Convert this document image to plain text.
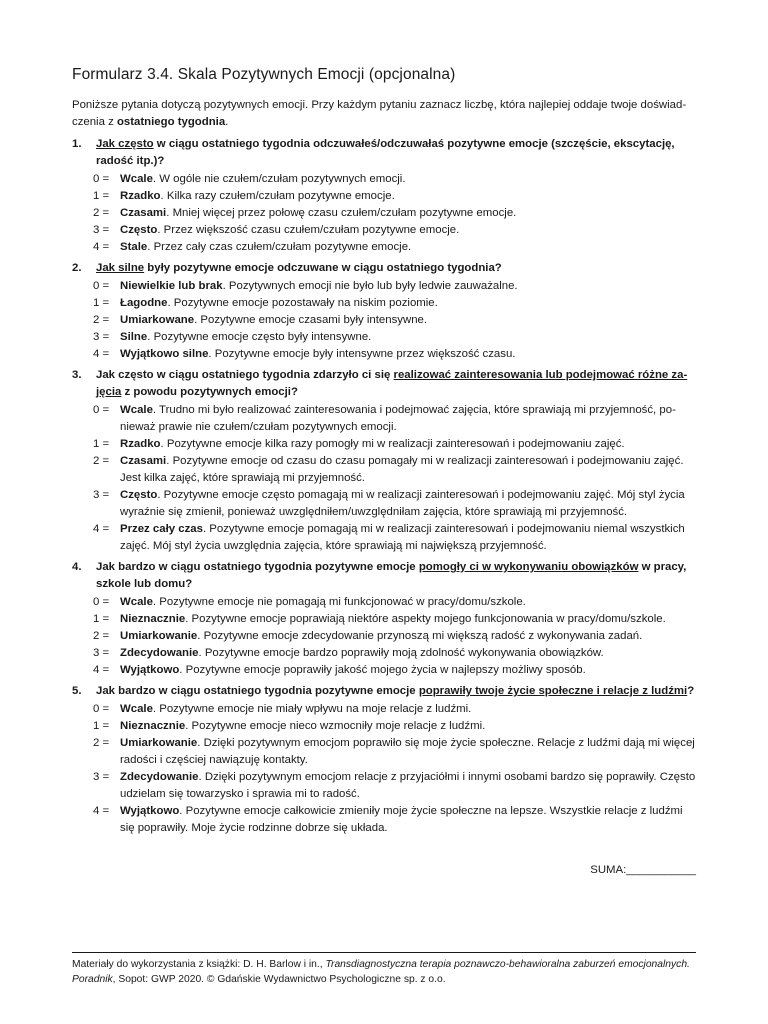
Formularz 3.4. Skala Pozytywnych Emocji (opcjonalna)
Poniższe pytania dotyczą pozytywnych emocji. Przy każdym pytaniu zaznacz liczbę, która najlepiej oddaje twoje doświadczenia z ostatniego tygodnia.
1. Jak często w ciągu ostatniego tygodnia odczuwałeś/odczuwałaś pozytywne emocje (szczęście, ekscytację, radość itp.)?
0 = Wcale. W ogóle nie czułem/czułam pozytywnych emocji.
1 = Rzadko. Kilka razy czułem/czułam pozytywne emocje.
2 = Czasami. Mniej więcej przez połowę czasu czułem/czułam pozytywne emocje.
3 = Często. Przez większość czasu czułem/czułam pozytywne emocje.
4 = Stale. Przez cały czas czułem/czułam pozytywne emocje.
2. Jak silne były pozytywne emocje odczuwane w ciągu ostatniego tygodnia?
0 = Niewielkie lub brak. Pozytywnych emocji nie było lub były ledwie zauważalne.
1 = Łagodne. Pozytywne emocje pozostawały na niskim poziomie.
2 = Umiarkowane. Pozytywne emocje czasami były intensywne.
3 = Silne. Pozytywne emocje często były intensywne.
4 = Wyjątkowo silne. Pozytywne emocje były intensywne przez większość czasu.
3. Jak często w ciągu ostatniego tygodnia zdarzyło ci się realizować zainteresowania lub podejmować różne zajęcia z powodu pozytywnych emocji?
0 = Wcale. Trudno mi było realizować zainteresowania i podejmować zajęcia, które sprawiają mi przyjemność, ponieważ prawie nie czułem/czułam pozytywnych emocji.
1 = Rzadko. Pozytywne emocje kilka razy pomogły mi w realizacji zainteresowań i podejmowaniu zajęć.
2 = Czasami. Pozytywne emocje od czasu do czasu pomagały mi w realizacji zainteresowań i podejmowaniu zajęć. Jest kilka zajęć, które sprawiają mi przyjemność.
3 = Często. Pozytywne emocje często pomagają mi w realizacji zainteresowań i podejmowaniu zajęć. Mój styl życia wyraźnie się zmienił, ponieważ uwzględniłem/uwzględniłam zajęcia, które sprawiają mi przyjemność.
4 = Przez cały czas. Pozytywne emocje pomagają mi w realizacji zainteresowań i podejmowaniu niemal wszystkich zajęć. Mój styl życia uwzględnia zajęcia, które sprawiają mi największą przyjemność.
4. Jak bardzo w ciągu ostatniego tygodnia pozytywne emocje pomogły ci w wykonywaniu obowiązków w pracy, szkole lub domu?
0 = Wcale. Pozytywne emocje nie pomagają mi funkcjonować w pracy/domu/szkole.
1 = Nieznacznie. Pozytywne emocje poprawiają niektóre aspekty mojego funkcjonowania w pracy/domu/szkole.
2 = Umiarkowanie. Pozytywne emocje zdecydowanie przynoszą mi większą radość z wykonywania zadań.
3 = Zdecydowanie. Pozytywne emocje bardzo poprawiły moją zdolność wykonywania obowiązków.
4 = Wyjątkowo. Pozytywne emocje poprawiły jakość mojego życia w najlepszy możliwy sposób.
5. Jak bardzo w ciągu ostatniego tygodnia pozytywne emocje poprawiły twoje życie społeczne i relacje z ludźmi?
0 = Wcale. Pozytywne emocje nie miały wpływu na moje relacje z ludźmi.
1 = Nieznacznie. Pozytywne emocje nieco wzmocniły moje relacje z ludźmi.
2 = Umiarkowanie. Dzięki pozytywnym emocjom poprawiło się moje życie społeczne. Relacje z ludźmi dają mi więcej radości i częściej nawiązuję kontakty.
3 = Zdecydowanie. Dzięki pozytywnym emocjom relacje z przyjaciółmi i innymi osobami bardzo się poprawiły. Często udzielam się towarzysko i sprawia mi to radość.
4 = Wyjątkowo. Pozytywne emocje całkowicie zmieniły moje życie społeczne na lepsze. Wszystkie relacje z ludźmi się poprawiły. Moje życie rodzinne dobrze się układa.
SUMA:___________
Materiały do wykorzystania z książki: D. H. Barlow i in., Transdiagnostyczna terapia poznawczo-behawioralna zaburzeń emocjonalnych. Poradnik, Sopot: GWP 2020. © Gdańskie Wydawnictwo Psychologiczne sp. z o.o.
